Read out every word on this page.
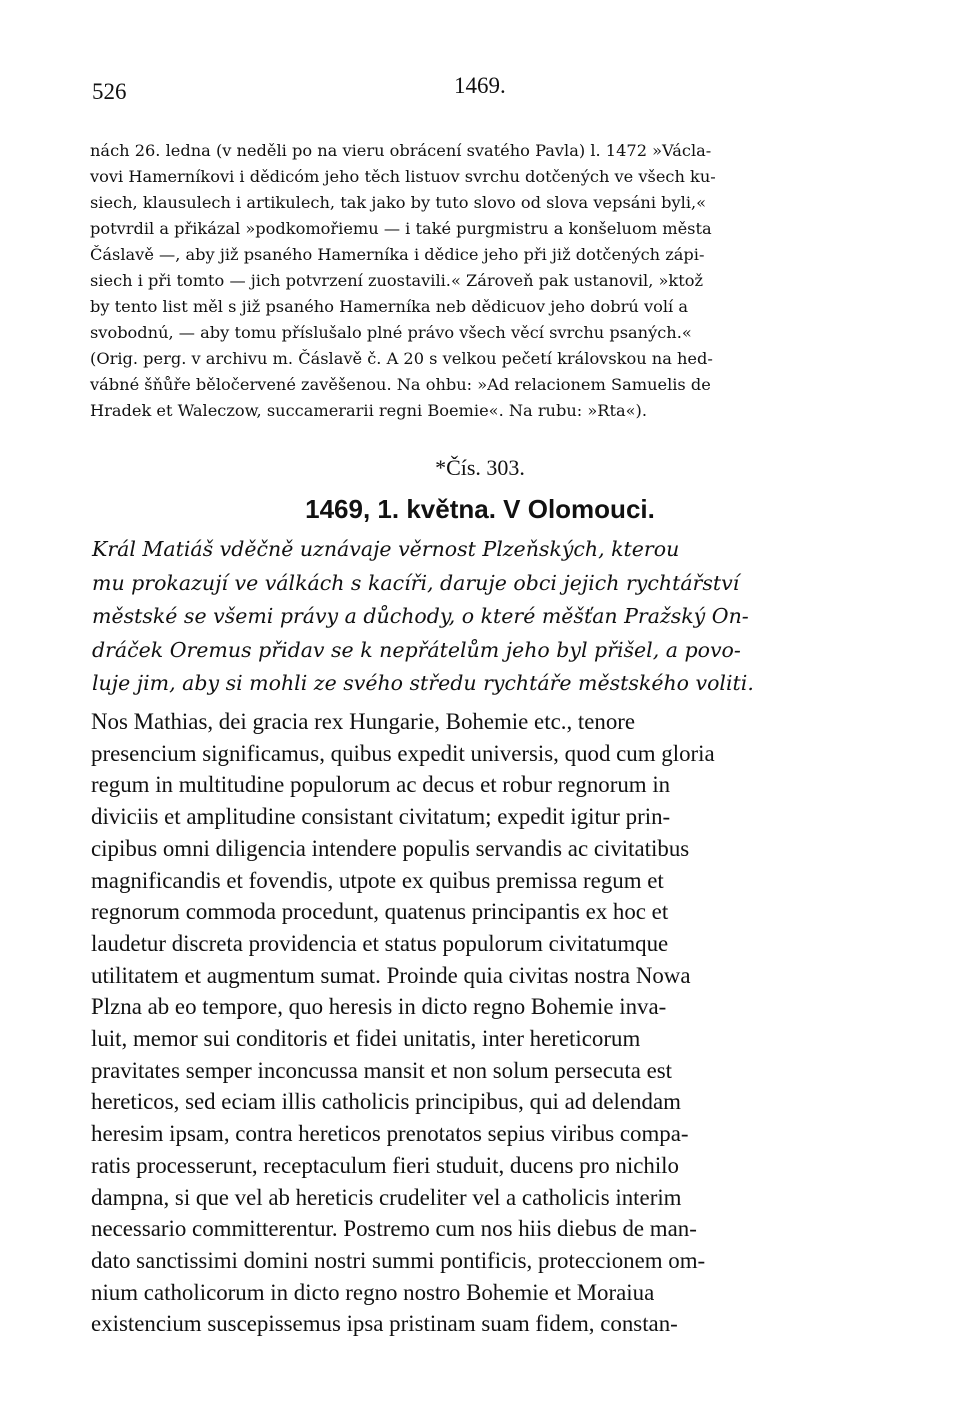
526	1469.

nách 26. ledna (v neděli po na vieru obrácení svatého Pavla) l. 1472 »Václa-

vovi Hamerníkovi i dědicóm jeho těch listuov svrchu dotčených ve všech ku-

siech, klausulech i artikulech, tak jako by tuto slovo od slova vepsáni byli,«

potvrdil a přikázal »podkomořiemu — i také purgmistru a konšeluom města

Čáslavě —, aby již psaného Hamerníka i dědice jeho při již dotčených zápi-

siech i při tomto — jich potvrzení zuostavili.« Zároveň pak ustanovil, »ktož

by tento list měl s již psaného Hamerníka neb dědicuov jeho dobrú volí a

svobodnú, — aby tomu příslušalo plné právo všech věcí svrchu psaných.«

(Orig. perg. v archivu m. Čáslavě č. A 20 s velkou pečetí královskou na hed-

vábné šňůře běločervené zavěšenou. Na ohbu: »Ad relacionem Samuelis de

Hradek et Waleczow, succamerarii regni Boemie«. Na rubu: »Rta«).

*Čís. 303.
1469, 1. května. V Olomouci.
Král Matiáš vděčně uznávaje věrnost Plzeňských, kterou
mu prokazují ve válkách s kacíři, daruje obci jejich rychtářství
městské se všemi právy a důchody, o které měšťan Pražský On-
dráček Oremus přidav se k nepřátelům jeho byl přišel, a povo-
luje jim, aby si mohli ze svého středu rychtáře městského voliti.
Nos Mathias, dei gracia rex Hungarie, Bohemie etc., tenore
presencium significamus, quibus expedit universis, quod cum gloria
regum in multitudine populorum ac decus et robur regnorum in
diviciis et amplitudine consistant civitatum; expedit igitur prin-
cipibus omni diligencia intendere populis servandis ac civitatibus
magnificandis et fovendis, utpote ex quibus premissa regum et
regnorum commoda procedunt, quatenus principantis ex hoc et
laudetur discreta providencia et status populorum civitatumque
utilitatem et augmentum sumat. Proinde quia civitas nostra Nowa
Plzna ab eo tempore, quo heresis in dicto regno Bohemie inva-
luit, memor sui conditoris et fidei unitatis, inter hereticorum
pravitates semper inconcussa mansit et non solum persecuta est
hereticos, sed eciam illis catholicis principibus, qui ad delendam
heresim ipsam, contra hereticos prenotatos sepius viribus compa-
ratis processerunt, receptaculum fieri studuit, ducens pro nichilo
dampna, si que vel ab hereticis crudeliter vel a catholicis interim
necessario committerentur. Postremo cum nos hiis diebus de man-
dato sanctissimi domini nostri summi pontificis, proteccionem om-
nium catholicorum in dicto regno nostro Bohemie et Moraiua
existencium suscepissemus ipsa pristinam suam fidem, constan-
